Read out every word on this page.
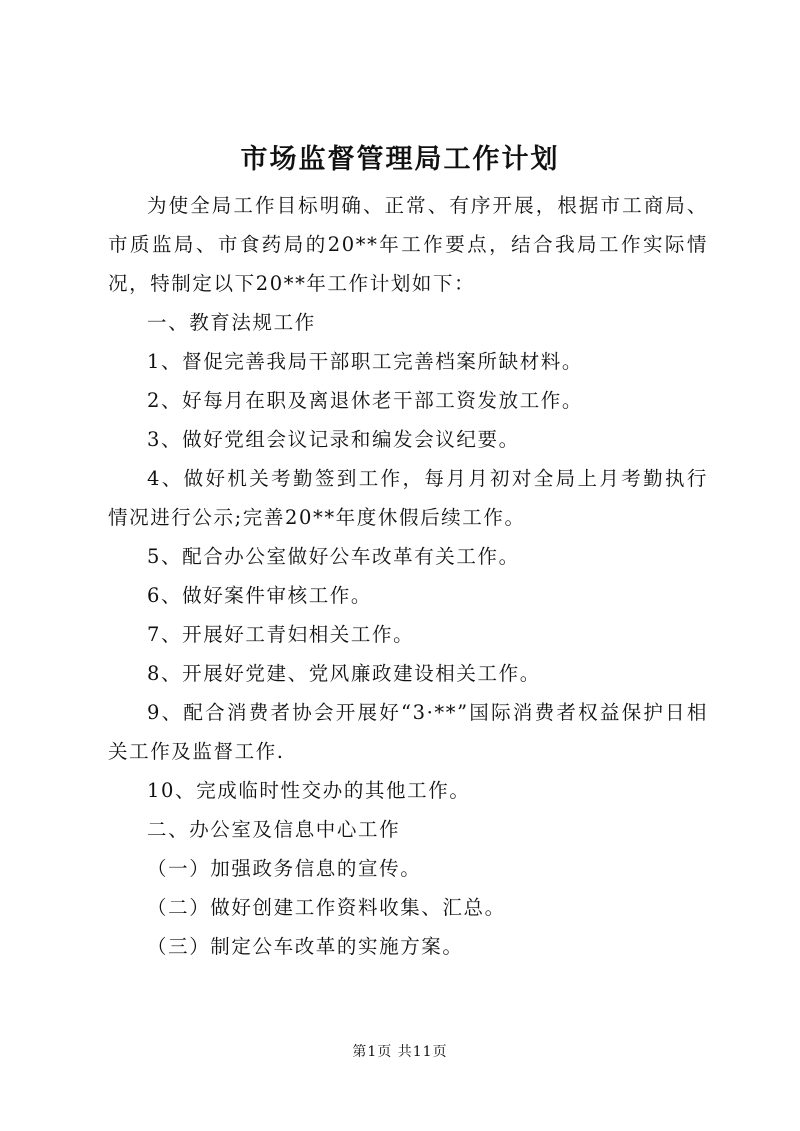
市场监督管理局工作计划

为使全局工作目标明确、正常、有序开展，根据市工商局、市质监局、市食药局的20**年工作要点，结合我局工作实际情况，特制定以下20**年工作计划如下：

一、教育法规工作

1、督促完善我局干部职工完善档案所缺材料。

2、好每月在职及离退休老干部工资发放工作。

3、做好党组会议记录和编发会议纪要。

4、做好机关考勤签到工作，每月月初对全局上月考勤执行情况进行公示;完善20**年度休假后续工作。

5、配合办公室做好公车改革有关工作。

6、做好案件审核工作。

7、开展好工青妇相关工作。

8、开展好党建、党风廉政建设相关工作。

9、配合消费者协会开展好“3·**”国际消费者权益保护日相关工作及监督工作.

10、完成临时性交办的其他工作。

二、办公室及信息中心工作

（一）加强政务信息的宣传。

（二）做好创建工作资料收集、汇总。

（三）制定公车改革的实施方案。

第1页 共11页
